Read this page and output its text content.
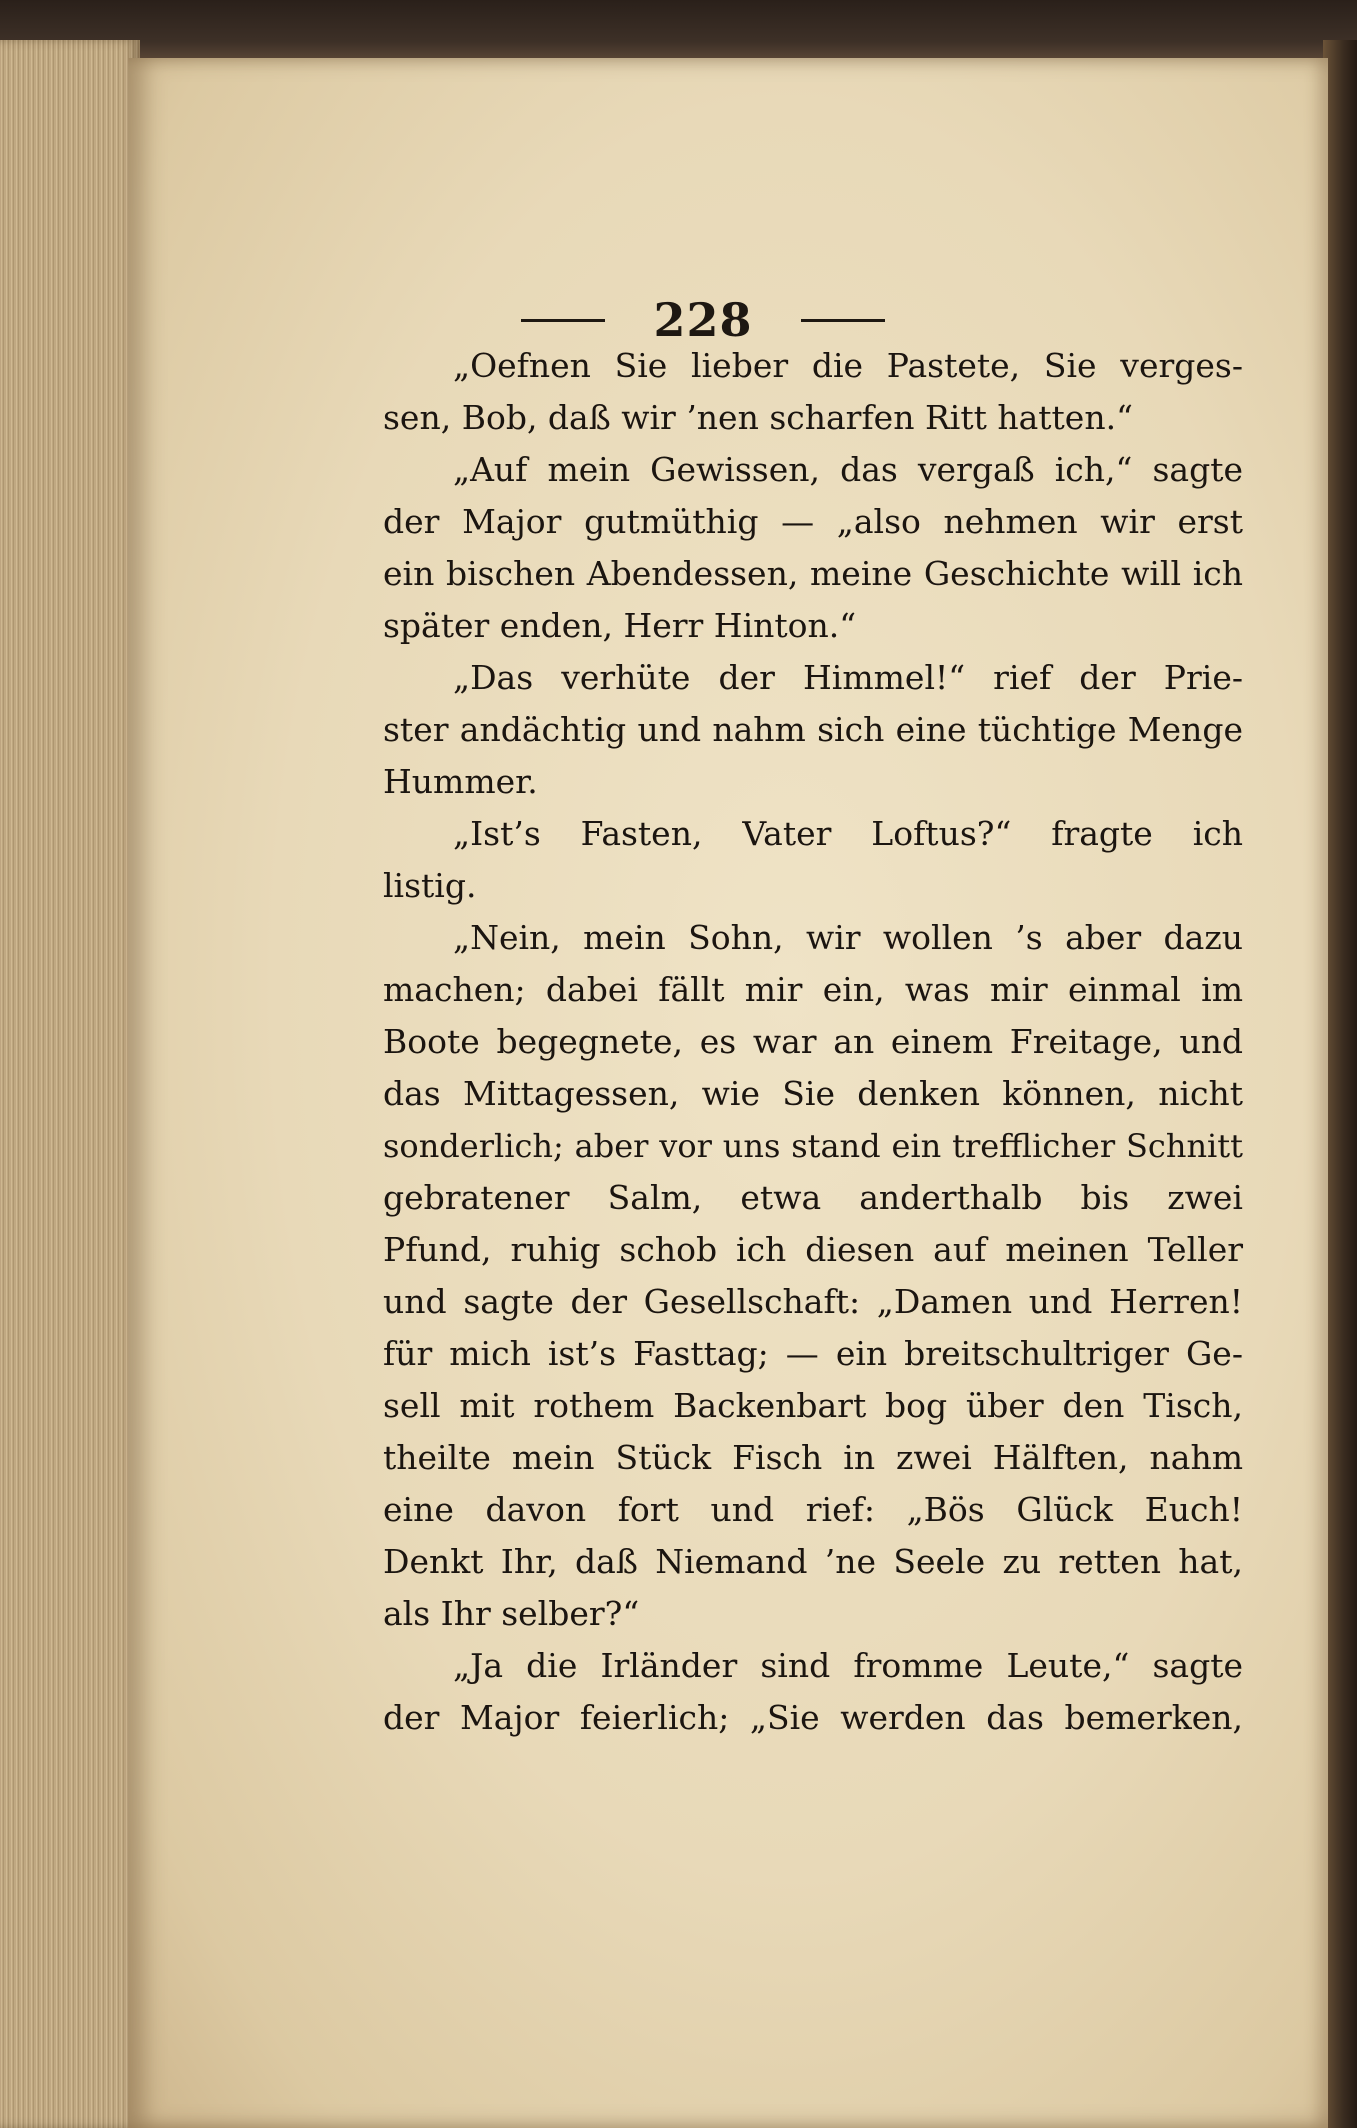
228
„Oefnen Sie lieber die Pastete, Sie verges-
sen, Bob, daß wir ’nen scharfen Ritt hatten.“
„Auf mein Gewissen, das vergaß ich,“ sagte
der Major gutmüthig — „also nehmen wir erst
ein bischen Abendessen, meine Geschichte will ich
später enden, Herr Hinton.“
„Das verhüte der Himmel!“ rief der Prie-
ster andächtig und nahm sich eine tüchtige Menge
Hummer.
„Ist’s Fasten, Vater Loftus?“ fragte ich
listig.
„Nein, mein Sohn, wir wollen ’s aber dazu
machen; dabei fällt mir ein, was mir einmal im
Boote begegnete, es war an einem Freitage, und
das Mittagessen, wie Sie denken können, nicht
sonderlich; aber vor uns stand ein trefflicher Schnitt
gebratener Salm, etwa anderthalb bis zwei
Pfund, ruhig schob ich diesen auf meinen Teller
und sagte der Gesellschaft: „Damen und Herren!
für mich ist’s Fasttag; — ein breitschultriger Ge-
sell mit rothem Backenbart bog über den Tisch,
theilte mein Stück Fisch in zwei Hälften, nahm
eine davon fort und rief: „Bös Glück Euch!
Denkt Ihr, daß Niemand ’ne Seele zu retten hat,
als Ihr selber?“
„Ja die Irländer sind fromme Leute,“ sagte
der Major feierlich; „Sie werden das bemerken,
